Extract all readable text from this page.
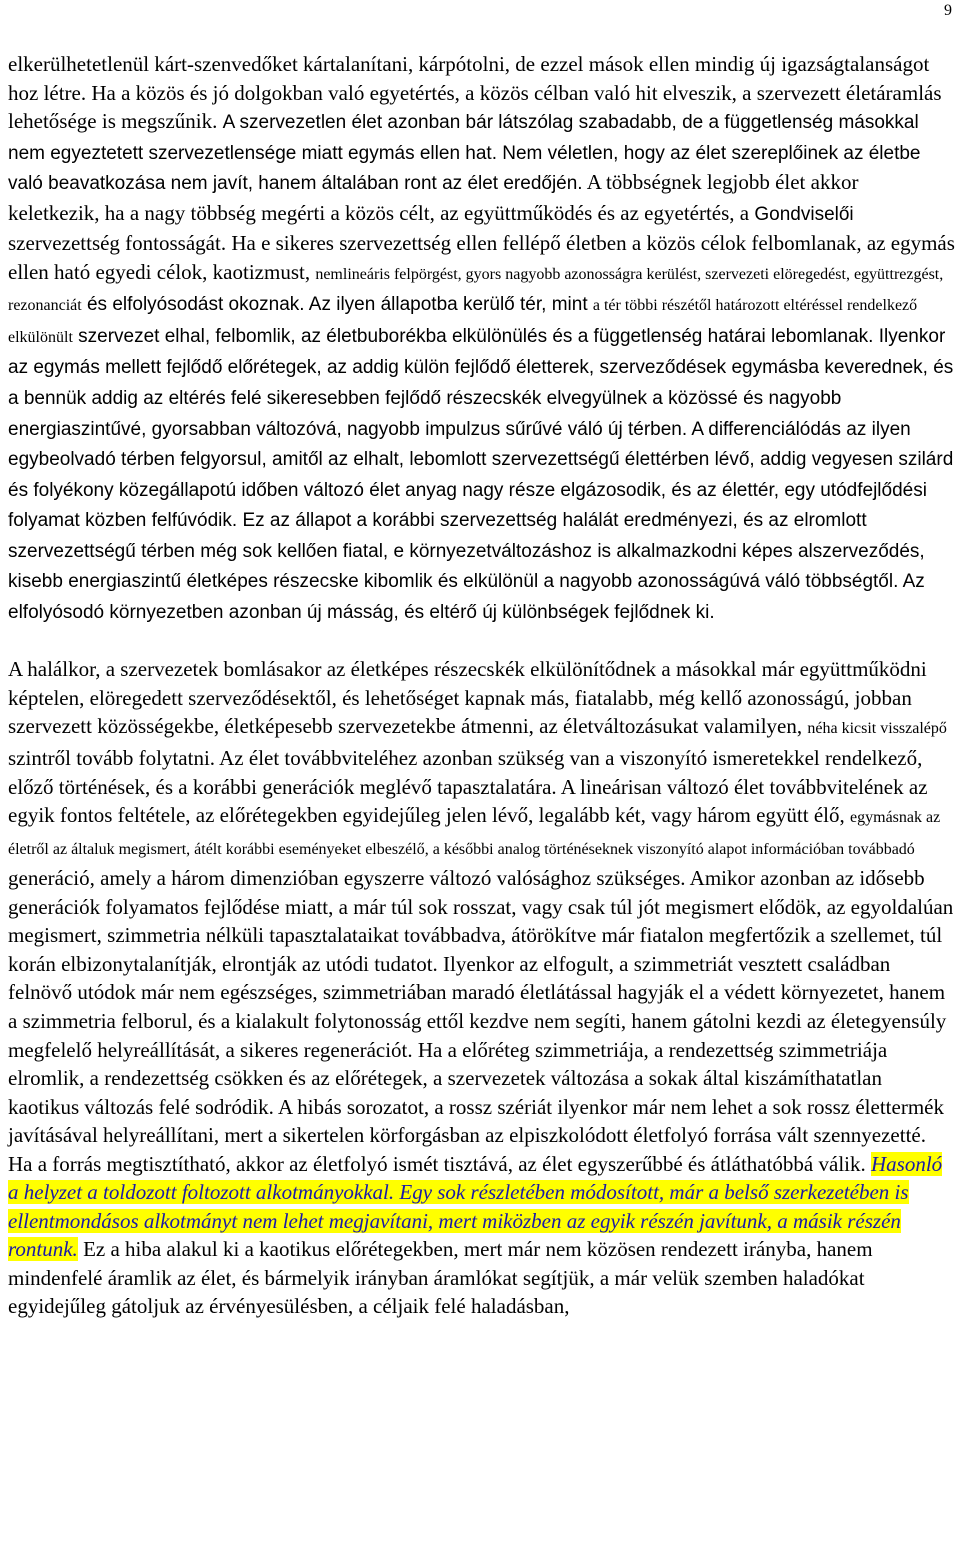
9

elkerülhetetlenül kárt-szenvedőket kártalanítani, kárpótolni, de ezzel mások ellen mindig új igazságtalanságot hoz létre. Ha a közös és jó dolgokban való egyetértés, a közös célban való hit elveszik, a szervezett életáramlás lehetősége is megszűnik. A szervezetlen élet azonban bár látszólag szabadabb, de a függetlenség másokkal nem egyeztetett szervezetlensége miatt egymás ellen hat. Nem véletlen, hogy az élet szereplőinek az életbe való beavatkozása nem javít, hanem általában ront az élet eredőjén. A többségnek legjobb élet akkor keletkezik, ha a nagy többség megérti a közös célt, az együttműködés és az egyetértés, a Gondviselői szervezettség fontosságát. Ha e sikeres szervezettség ellen fellépő életben a közös célok felbomlanak, az egymás ellen ható egyedi célok, kaotizmust, nemlineáris felpörgést, gyors nagyobb azonosságra kerülést, szervezeti elöregedést, együttrezgést, rezonanciát és elfolyósodást okoznak. Az ilyen állapotba kerülő tér, mint a tér többi részétől határozott eltéréssel rendelkező elkülönült szervezet elhal, felbomlik, az életbuborékba elkülönülés és a függetlenség határai lebomlanak. Ilyenkor az egymás mellett fejlődő előrétegek, az addig külön fejlődő életterek, szerveződések egymásba keverednek, és a bennük addig az eltérés felé sikeresebben fejlődő részecskék elvegyülnek a közössé és nagyobb energiaszintűvé, gyorsabban változóvá, nagyobb impulzus sűrűvé váló új térben. A differenciálódás az ilyen egybeolvadó térben felgyorsul, amitől az elhalt, lebomlott szervezettségű élettérben lévő, addig vegyesen szilárd és folyékony közegállapotú időben változó élet anyag nagy része elgázosodik, és az élettér, egy utódfejlődési folyamat közben felfúvódik. Ez az állapot a korábbi szervezettség halálát eredményezi, és az elromlott szervezettségű térben még sok kellően fiatal, e környezetváltozáshoz is alkalmazkodni képes alszerveződés, kisebb energiaszintű életképes részecske kibomlik és elkülönül a nagyobb azonosságúvá váló többségtől. Az elfolyósodó környezetben azonban új másság, és eltérő új különbségek fejlődnek ki.

A halálkor, a szervezetek bomlásakor az életképes részecskék elkülönítődnek a másokkal már együttműködni képtelen, elöregedett szerveződésektől, és lehetőséget kapnak más, fiatalabb, még kellő azonosságú, jobban szervezett közösségekbe, életképesebb szervezetekbe átmenni, az életváltozásukat valamilyen, néha kicsit visszalépő szintről tovább folytatni. Az élet továbbviteléhez azonban szükség van a viszonyító ismeretekkel rendelkező, előző történések, és a korábbi generációk meglévő tapasztalatára. A lineárisan változó élet továbbvitelének az egyik fontos feltétele, az előrétegekben egyidejűleg jelen lévő, legalább két, vagy három együtt élő, egymásnak az életről az általuk megismert, átélt korábbi eseményeket elbeszélő, a későbbi analog történéseknek viszonyító alapot információban továbbadó generáció, amely a három dimenzióban egyszerre változó valósághoz szükséges. Amikor azonban az idősebb generációk folyamatos fejlődése miatt, a már túl sok rosszat, vagy csak túl jót megismert elődök, az egyoldalúan megismert, szimmetria nélküli tapasztalataikat továbbadva, átörökítve már fiatalon megfertőzik a szellemet, túl korán elbizonytalanítják, elrontják az utódi tudatot. Ilyenkor az elfogult, a szimmetriát vesztett családban felnövő utódok már nem egészséges, szimmetriában maradó életlátással hagyják el a védett környezetet, hanem a szimmetria felborul, és a kialakult folytonosság ettől kezdve nem segíti, hanem gátolni kezdi az életegyensúly megfelelő helyreállítását, a sikeres regenerációt. Ha a előréteg szimmetriája, a rendezettség szimmetriája elromlik, a rendezettség csökken és az előrétegek, a szervezetek változása a sokak által kiszámíthatatlan kaotikus változás felé sodródik. A hibás sorozatot, a rossz szériát ilyenkor már nem lehet a sok rossz élettermék javításával helyreállítani, mert a sikertelen körforgásban az elpiszkolódott életfolyó forrása vált szennyezetté. Ha a forrás megtisztítható, akkor az életfolyó ismét tisztává, az élet egyszerűbbé és átláthatóbbá válik. Hasonló a helyzet a toldozott foltozott alkotmányokkal. Egy sok részletében módosított, már a belső szerkezetében is ellentmondásos alkotmányt nem lehet megjavítani, mert miközben az egyik részén javítunk, a másik részén rontunk. Ez a hiba alakul ki a kaotikus előrétegekben, mert már nem közösen rendezett irányba, hanem mindenfelé áramlik az élet, és bármelyik irányban áramlókat segítjük, a már velük szemben haladókat egyidejűleg gátoljuk az érvényesülésben, a céljaik felé haladásban,
